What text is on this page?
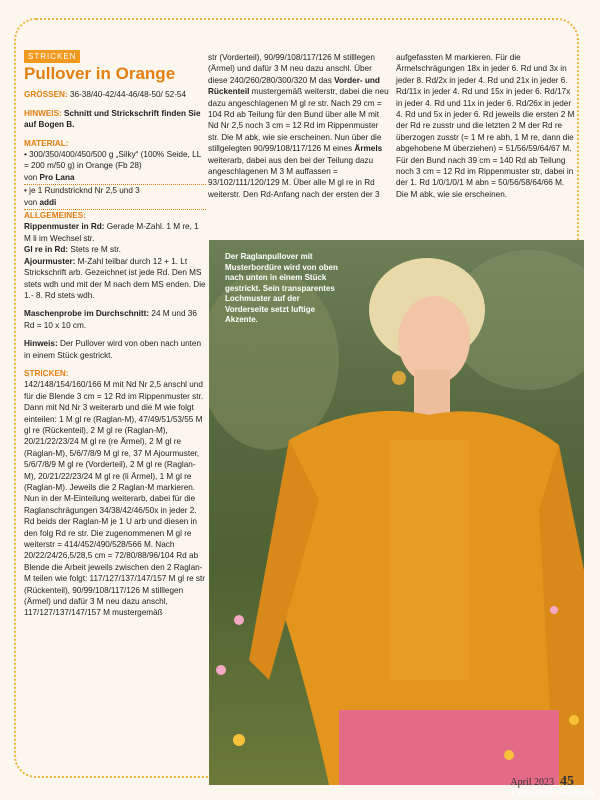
STRICKEN
Pullover in Orange

GRÖSSEN: 36-38/40-42/44-46/48-50/ 52-54

HINWEIS: Schnitt und Strickschrift finden Sie auf Bogen B.

MATERIAL:

• 300/350/400/450/500 g „Silky“ (100% Seide, LL = 200 m/50 g) in Orange (Fb 28)

von Pro Lana

• je 1 Rundstricknd Nr 2,5 und 3

von addi

ALLGEMEINES:

Rippenmuster in Rd: Gerade M-Zahl. 1 M re, 1 M li im Wechsel str.

Gl re in Rd: Stets re M str.

Ajourmuster: M-Zahl teilbar durch 12 + 1. Lt Strickschrift arb. Gezeichnet ist jede Rd. Den MS stets wdh und mit der M nach dem MS enden. Die 1.- 8. Rd stets wdh.

Maschenprobe im Durchschnitt: 24 M und 36 Rd = 10 x 10 cm.

Hinweis: Der Pullover wird von oben nach unten in einem Stück gestrickt.

STRICKEN:

142/148/154/160/166 M mit Nd Nr 2,5 anschl und für die Blende 3 cm = 12 Rd im Rippenmuster str. Dann mit Nd Nr 3 weiterarb und die M wie folgt einteilen: 1 M gl re (Raglan-M), 47/49/51/53/55 M gl re (Rückenteil), 2 M gl re (Raglan-M), 20/21/22/23/24 M gl re (re Ärmel), 2 M gl re (Raglan-M), 5/6/7/8/9 M gl re, 37 M Ajourmuster, 5/6/7/8/9 M gl re (Vorderteil), 2 M gl re (Raglan-M), 20/21/22/23/24 M gl re (li Ärmel), 1 M gl re (Raglan-M). Jeweils die 2 Raglan-M markieren. Nun in der M-Einteilung weiterarb, dabei für die Raglanschrägungen 34/38/42/46/50x in jeder 2. Rd beids der Raglan-M je 1 U arb und diesen in den folg Rd re str. Die zugenommenen M gl re weiterstr = 414/452/490/528/566 M. Nach 20/22/24/26,5/28,5 cm = 72/80/88/96/104 Rd ab Blende die Arbeit jeweils zwischen den 2 Raglan-M teilen wie folgt: 117/127/137/147/157 M gl re str (Rückenteil), 90/99/108/117/126 M stilllegen (Ärmel) und dafür 3 M neu dazu anschl, 117/127/137/147/157 M mustergemäß

str (Vorderteil), 90/99/108/117/126 M stilllegen (Ärmel) und dafür 3 M neu dazu anschl. Über diese 240/260/280/300/320 M das Vorder- und Rückenteil mustergemäß weiterstr, dabei die neu dazu angeschlagenen M gl re str. Nach 29 cm = 104 Rd ab Teilung für den Bund über alle M mit Nd Nr 2,5 noch 3 cm = 12 Rd im Rippenmuster str. Die M abk, wie sie erscheinen. Nun über die stillgelegten 90/99/108/117/126 M eines Ärmels weiterarb, dabei aus den bei der Teilung dazu angeschlagenen M 3 M auffassen = 93/102/111/120/129 M. Über alle M gl re in Rd weiterstr. Den Rd-Anfang nach der ersten der 3

aufgefassten M markieren. Für die Ärmelschrägungen 18x in jeder 6. Rd und 3x in jeder 8. Rd/2x in jeder 4. Rd und 21x in jeder 6. Rd/11x in jeder 4. Rd und 15x in jeder 6. Rd/17x in jeder 4. Rd und 11x in jeder 6. Rd/26x in jeder 4. Rd und 5x in jeder 6. Rd jeweils die ersten 2 M der Rd re zusstr und die letzten 2 M der Rd re überzogen zusstr (= 1 M re abh, 1 M re, dann die abgehobene M überziehen) = 51/56/59/64/67 M. Für den Bund nach 39 cm = 140 Rd ab Teilung noch 3 cm = 12 Rd im Rippenmuster str, dabei in der 1. Rd 1/0/1/0/1 M abn = 50/56/58/64/66 M. Die M abk, wie sie erscheinen.

Der Raglanpullover mit Musterbordüre wird von oben nach unten in einem Stück gestrickt. Sein transparentes Lochmuster auf der Vorderseite setzt luftige Akzente.
April 2023 45
PassionForum.ru
